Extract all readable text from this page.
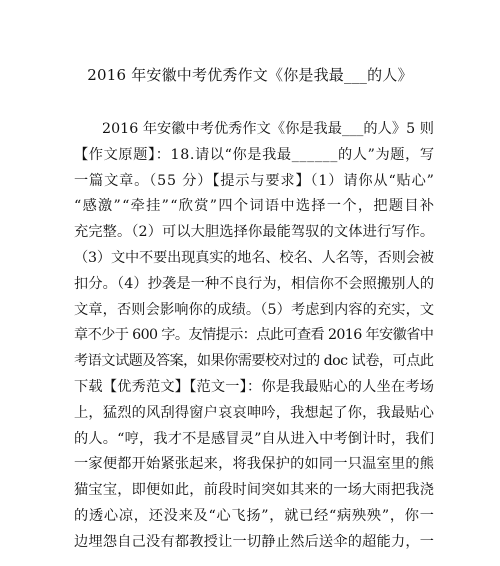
2016 年安徽中考优秀作文《你是我最___的人》
2016 年安徽中考优秀作文《你是我最___的人》5 则
【作文原题】：18.请以“你是我最______的人”为题，写
一篇文章。（55 分）【提示与要求】（1）请你从“贴心”
“感激”“牵挂”“欣赏”四个词语中选择一个，把题目补
充完整。（2）可以大胆选择你最能驾驭的文体进行写作。
（3）文中不要出现真实的地名、校名、人名等，否则会被
扣分。（4）抄袭是一种不良行为，相信你不会照搬别人的
文章，否则会影响你的成绩。（5）考虑到内容的充实，文
章不少于 600 字。友情提示：点此可查看 2016 年安徽省中
考语文试题及答案，如果你需要校对过的 doc 试卷，可点此
下载【优秀范文】【范文一】：你是我最贴心的人坐在考场
上，猛烈的风刮得窗户哀哀呻吟，我想起了你，我最贴心
的人。“哼，我才不是感冒灵”自从进入中考倒计时，我们
一家便都开始紧张起来，将我保护的如同一只温室里的熊
猫宝宝，即便如此，前段时间突如其来的一场大雨把我浇
的透心凉，还没来及“心飞扬”，就已经“病殃殃”，你一
边埋怨自己没有都教授让一切静止然后送伞的超能力，一
